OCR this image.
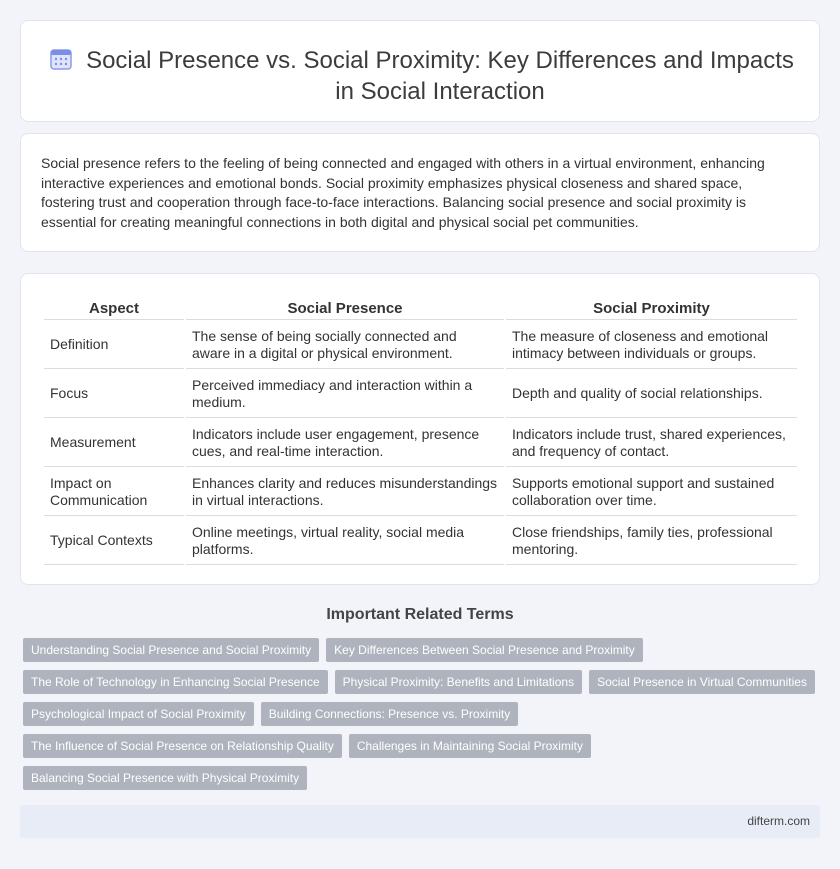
Social Presence vs. Social Proximity: Key Differences and Impacts in Social Interaction

Social presence refers to the feeling of being connected and engaged with others in a virtual environment, enhancing interactive experiences and emotional bonds. Social proximity emphasizes physical closeness and shared space, fostering trust and cooperation through face-to-face interactions. Balancing social presence and social proximity is essential for creating meaningful connections in both digital and physical social pet communities.

Aspect	Social Presence	Social Proximity
Definition	The sense of being socially connected and aware in a digital or physical environment.	The measure of closeness and emotional intimacy between individuals or groups.
Focus	Perceived immediacy and interaction within a medium.	Depth and quality of social relationships.
Measurement	Indicators include user engagement, presence cues, and real-time interaction.	Indicators include trust, shared experiences, and frequency of contact.
Impact on Communication	Enhances clarity and reduces misunderstandings in virtual interactions.	Supports emotional support and sustained collaboration over time.
Typical Contexts	Online meetings, virtual reality, social media platforms.	Close friendships, family ties, professional mentoring.
Important Related Terms
Understanding Social Presence and Social Proximity	Key Differences Between Social Presence and Proximity
The Role of Technology in Enhancing Social Presence	Physical Proximity: Benefits and Limitations	Social Presence in Virtual Communities
Psychological Impact of Social Proximity	Building Connections: Presence vs. Proximity
The Influence of Social Presence on Relationship Quality	Challenges in Maintaining Social Proximity
Balancing Social Presence with Physical Proximity
difterm.com
